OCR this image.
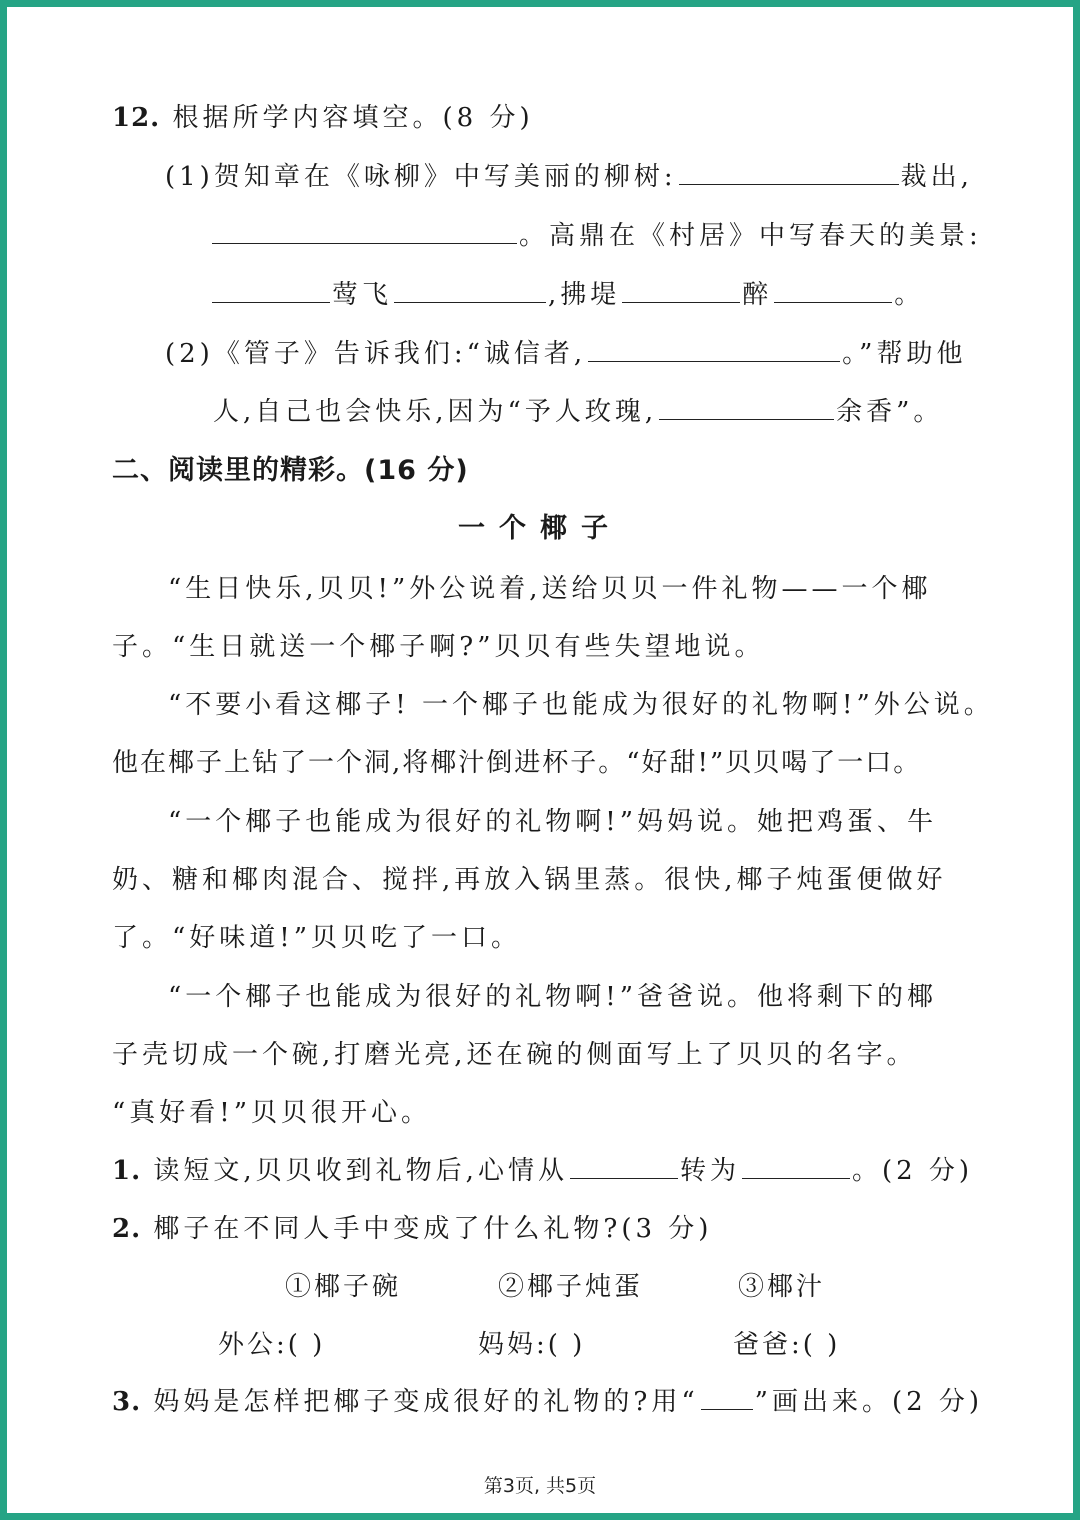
12. 根据所学内容填空。(8 分)
(1)贺知章在《咏柳》中写美丽的柳树:	裁出,
。高鼎在《村居》中写春天的美景:
莺飞	,拂堤	醉	。
(2)《管子》告诉我们:“诚信者,	。”帮助他
人,自己也会快乐,因为“予人玫瑰,	余香”。
二、阅读里的精彩。(16 分)
一个椰子
“生日快乐,贝贝!”外公说着,送给贝贝一件礼物——一个椰
子。“生日就送一个椰子啊?”贝贝有些失望地说。
“不要小看这椰子! 一个椰子也能成为很好的礼物啊!”外公说。
他在椰子上钻了一个洞,将椰汁倒进杯子。“好甜!”贝贝喝了一口。
“一个椰子也能成为很好的礼物啊!”妈妈说。她把鸡蛋、牛
奶、糖和椰肉混合、搅拌,再放入锅里蒸。很快,椰子炖蛋便做好
了。“好味道!”贝贝吃了一口。
“一个椰子也能成为很好的礼物啊!”爸爸说。他将剩下的椰
子壳切成一个碗,打磨光亮,还在碗的侧面写上了贝贝的名字。
“真好看!”贝贝很开心。
1. 读短文,贝贝收到礼物后,心情从	转为	。(2 分)
2. 椰子在不同人手中变成了什么礼物?(3 分)
①椰子碗	②椰子炖蛋	③椰汁
外公:( )	妈妈:( )	爸爸:( )
3. 妈妈是怎样把椰子变成很好的礼物的?用“ ”画出来。(2 分)
第3页, 共5页
